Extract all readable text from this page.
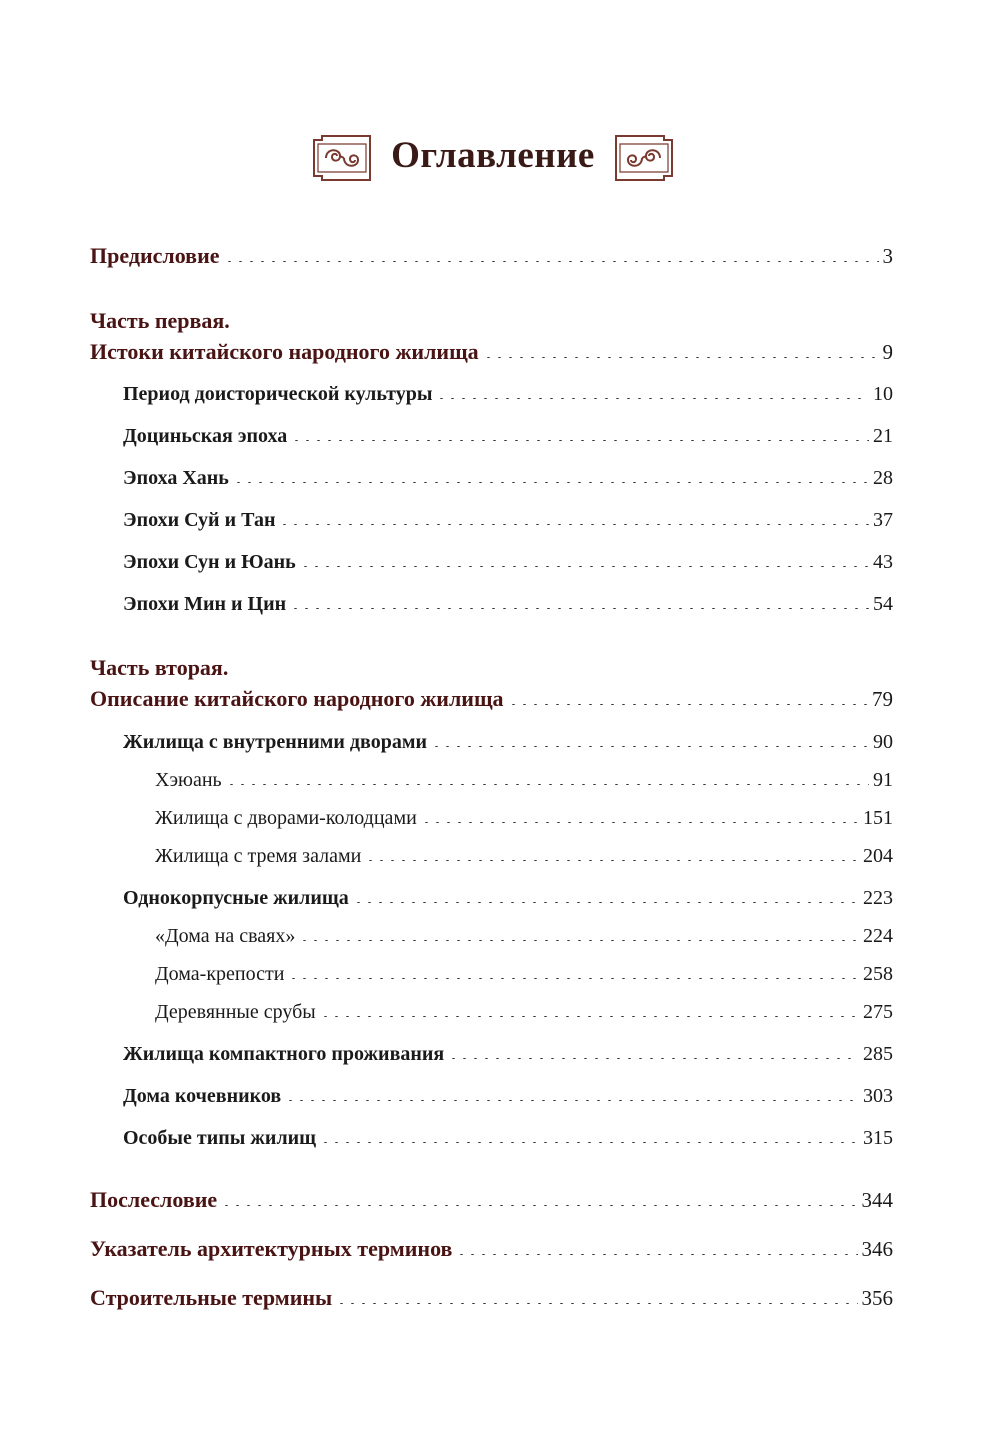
Оглавление
Предисловие	3
Часть первая.
Истоки китайского народного жилища	9
Период доисторической культуры	10
Доциньская эпоха	21
Эпоха Хань	28
Эпохи Суй и Тан	37
Эпохи Сун и Юань	43
Эпохи Мин и Цин	54
Часть вторая.
Описание китайского народного жилища	79
Жилища с внутренними дворами	90
Хэюань	91
Жилища с дворами-колодцами	151
Жилища с тремя залами	204
Однокорпусные жилища	223
«Дома на сваях»	224
Дома-крепости	258
Деревянные срубы	275
Жилища компактного проживания	285
Дома кочевников	303
Особые типы жилищ	315
Послесловие	344
Указатель архитектурных терминов	346
Строительные термины	356
